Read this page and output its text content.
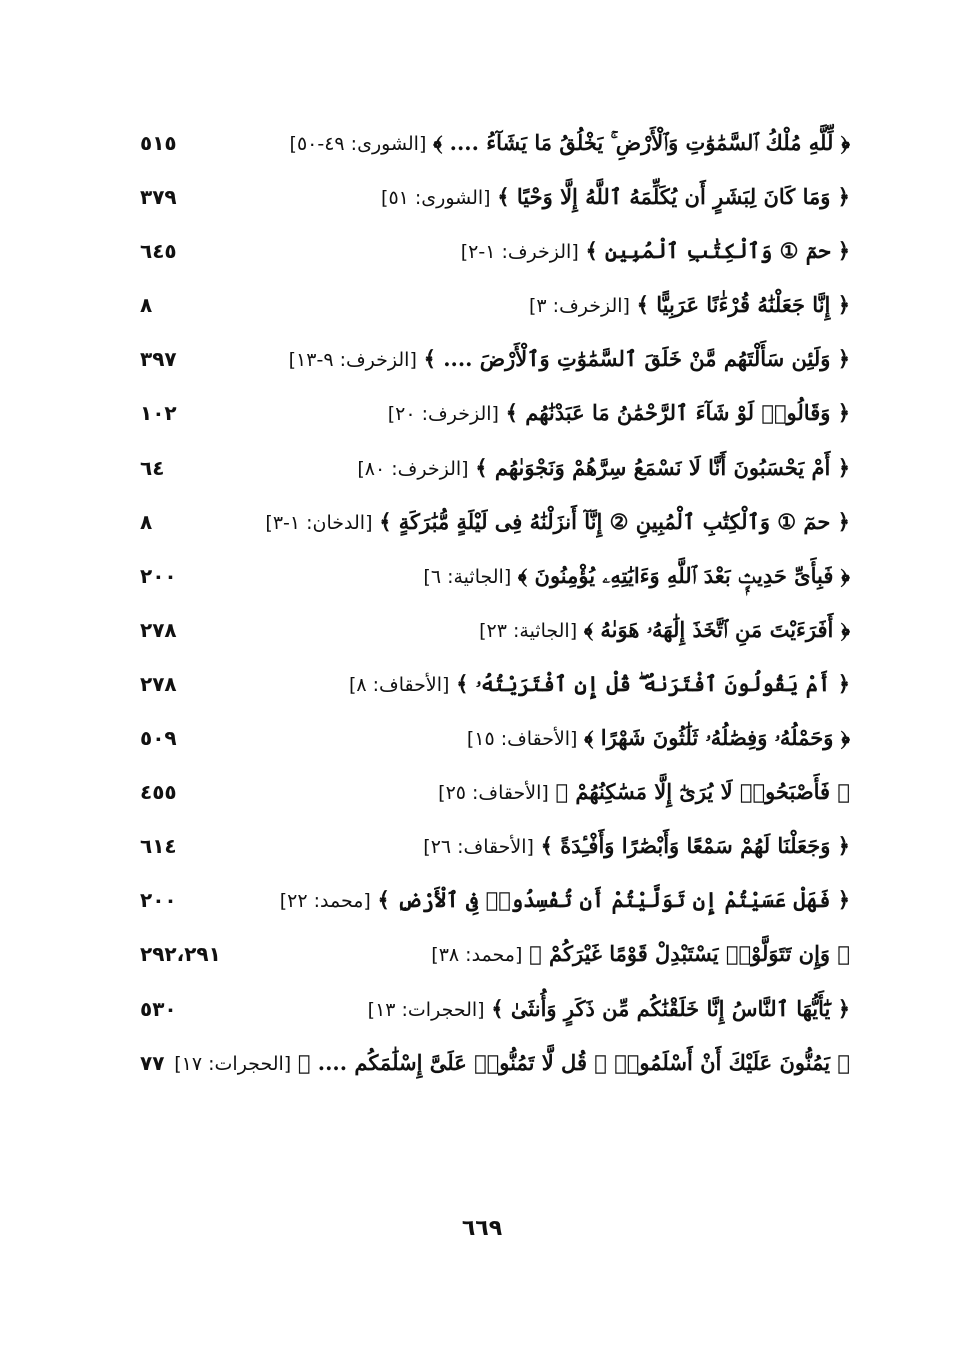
﴿ لِّلَّهِ مُلْكُ ٱلسَّمَٰوَٰتِ وَٱلْأَرْضِ ۚ يَخْلُقُ مَا يَشَآءُ .... ﴾ [الشورى: ٤٩-٥٠]
٥١٥
﴿ وَمَا كَانَ لِبَشَرٍ أَن يُكَلِّمَهُ ٱللَّهُ إِلَّا وَحْيًا ﴾ [الشورى: ٥١]
٣٧٩
﴿ حمٓ ① وَٱلْكِتَٰبِ ٱلْمُبِينِ ﴾ [الزخرف: ١-٢]
٦٤٥
﴿ إِنَّا جَعَلْنَٰهُ قُرْءَٰنًا عَرَبِيًّا ﴾ [الزخرف: ٣]
٨
﴿ وَلَئِن سَأَلْتَهُم مَّنْ خَلَقَ ٱلسَّمَٰوَٰتِ وَٱلْأَرْضَ .... ﴾ [الزخرف: ٩-١٣]
٣٩٧
﴿ وَقَالُوا۟ لَوْ شَآءَ ٱلرَّحْمَٰنُ مَا عَبَدْنَٰهُم ﴾ [الزخرف: ٢٠]
١٠٢
﴿ أَمْ يَحْسَبُونَ أَنَّا لَا نَسْمَعُ سِرَّهُمْ وَنَجْوَىٰهُم ﴾ [الزخرف: ٨٠]
٦٤
﴿ حمٓ ① وَٱلْكِتَٰبِ ٱلْمُبِينِ ② إِنَّآ أَنزَلْنَٰهُ فِى لَيْلَةٍ مُّبَٰرَكَةٍ ﴾ [الدخان: ١-٣]
٨
﴿ فَبِأَىِّ حَدِيثٍۭ بَعْدَ ٱللَّهِ وَءَايَٰتِهِۦ يُؤْمِنُونَ ﴾ [الجاثية: ٦]
٢٠٠
﴿ أَفَرَءَيْتَ مَنِ ٱتَّخَذَ إِلَٰهَهُۥ هَوَىٰهُ ﴾ [الجاثية: ٢٣]
٢٧٨
﴿ أَمْ يَقُولُونَ ٱفْتَرَىٰهُ ۖ قُلْ إِنِ ٱفْتَرَيْتُهُۥ ﴾ [الأحقاف: ٨]
٢٧٨
﴿ وَحَمْلُهُۥ وَفِصَٰلُهُۥ ثَلَٰثُونَ شَهْرًا ﴾ [الأحقاف: ١٥]
٥٠٩
﴿ فَأَصْبَحُوا۟ لَا يُرَىٰٓ إِلَّا مَسَٰكِنُهُمْ ﴾ [الأحقاف: ٢٥]
٤٥٥
﴿ وَجَعَلْنَا لَهُمْ سَمْعًا وَأَبْصَٰرًا وَأَفْـِٔدَةً ﴾ [الأحقاف: ٢٦]
٦١٤
﴿ فَهَلْ عَسَيْتُمْ إِن تَوَلَّيْتُمْ أَن تُفْسِدُوا۟ فِى ٱلْأَرْضِ ﴾ [محمد: ٢٢]
٢٠٠
﴿ وَإِن تَتَوَلَّوْا۟ يَسْتَبْدِلْ قَوْمًا غَيْرَكُمْ ﴾ [محمد: ٣٨]
٢٩٢،٢٩١
﴿ يَٰٓأَيُّهَا ٱلنَّاسُ إِنَّا خَلَقْنَٰكُم مِّن ذَكَرٍ وَأُنثَىٰ ﴾ [الحجرات: ١٣]
٥٣٠
﴿ يَمُنُّونَ عَلَيْكَ أَنْ أَسْلَمُوا۟ ۖ قُل لَّا تَمُنُّوا۟ عَلَىَّ إِسْلَٰمَكُم .... ﴾ [الحجرات: ١٧]
٧٧
٦٦٩
